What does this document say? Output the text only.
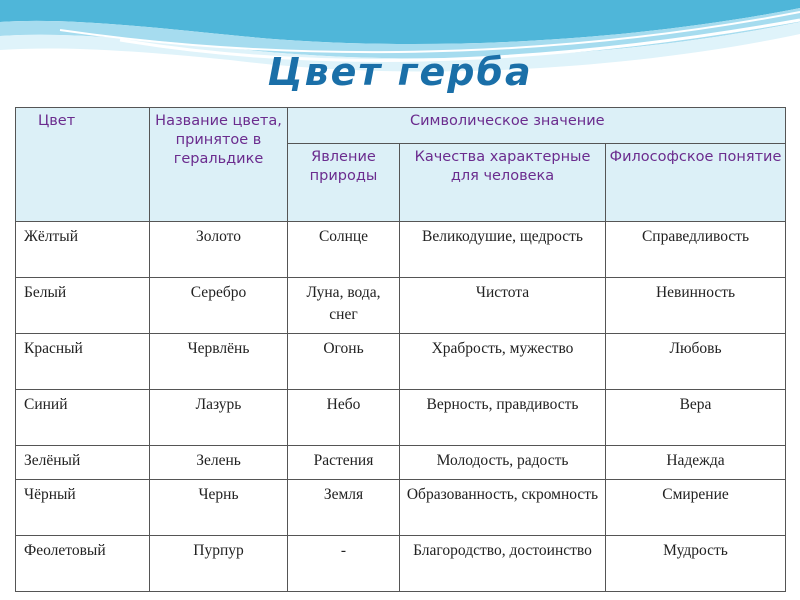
Цвет герба
Цвет	Название цвета, принятое в геральдике	Символическое значение		
		Явление природы	Качества характерные для человека	Философское понятие
Жёлтый	Золото	Солнце	Великодушие, щедрость	Справедливость
Белый	Серебро	Луна, вода, снег	Чистота	Невинность
Красный	Червлёнь	Огонь	Храбрость, мужество	Любовь
Синий	Лазурь	Небо	Верность, правдивость	Вера
Зелёный	Зелень	Растения	Молодость, радость	Надежда
Чёрный	Чернь	Земля	Образованность, скромность	Смирение
Феолетовый	Пурпур	-	Благородство, достоинство	Мудрость
